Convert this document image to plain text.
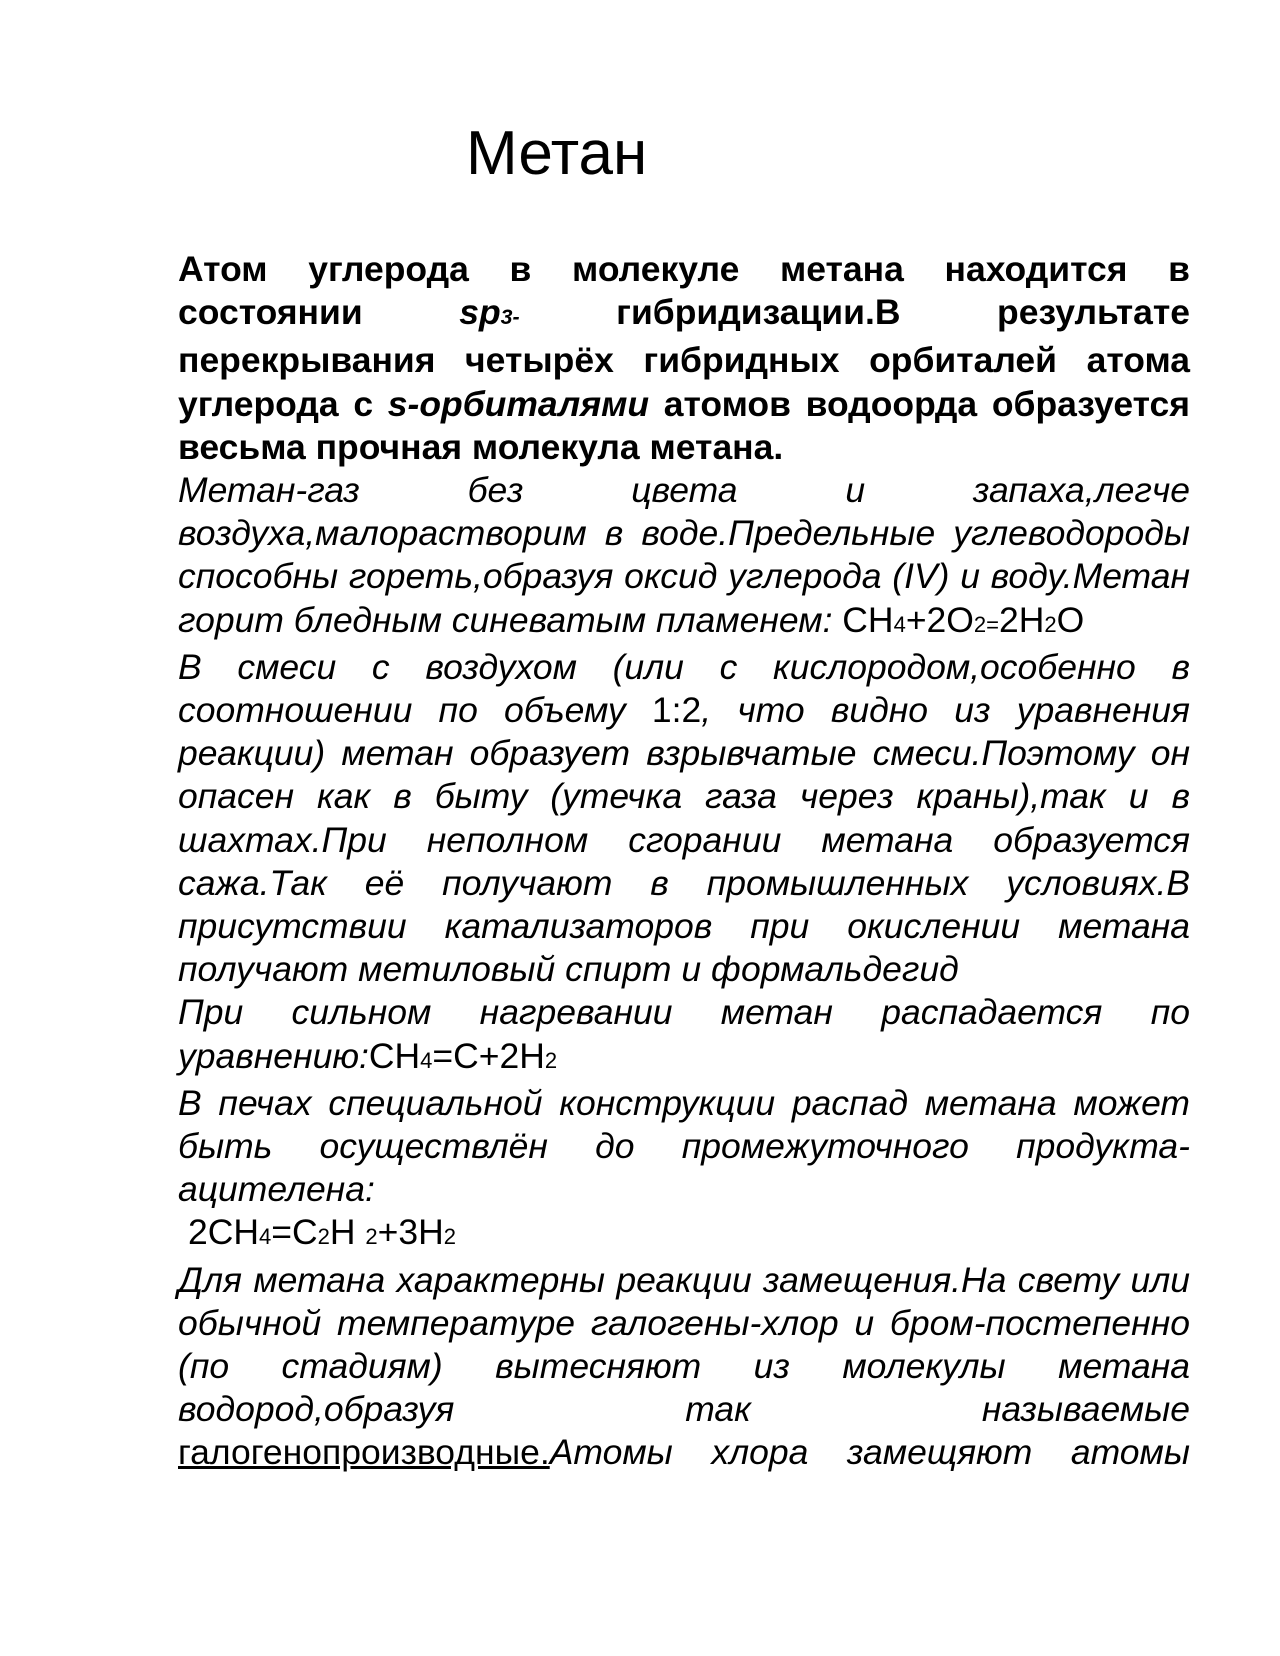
Метан

Атом углерода в молекуле метана находится в состоянии sp3- гибридизации.В результате перекрывания четырёх гибридных орбиталей атома углерода с s-орбиталями атомов водоорда образуется весьма прочная молекула метана.

Метан-газ без цвета и запаха,легче воздуха,малорастворим в воде.Предельные углеводороды способны гореть,образуя оксид углерода (IV) и воду.Метан горит бледным синеватым пламенем: CH4+2O2=2H2O

В смеси с воздухом (или с кислородом,особенно в соотношении по объему 1:2, что видно из уравнения реакции) метан образует взрывчатые смеси.Поэтому он опасен как в быту (утечка газа через краны),так и в шахтах.При неполном сгорании метана образуется сажа.Так её получают в промышленных условиях.В присутствии катализаторов при окислении метана получают метиловый спирт и формальдегид

При сильном нагревании метан распадается по уравнению:CH4=C+2H2

В печах специальной конструкции распад метана может быть осуществлён до промежуточного продукта-ацителена:

2CH4=C2H 2+3H2

Для метана характерны реакции замещения.На свету или обычной температуре галогены-хлор и бром-постепенно (по стадиям) вытесняют из молекулы метана водород,образуя так называемые галогенопроизводные.Атомы хлора замещяют атомы
